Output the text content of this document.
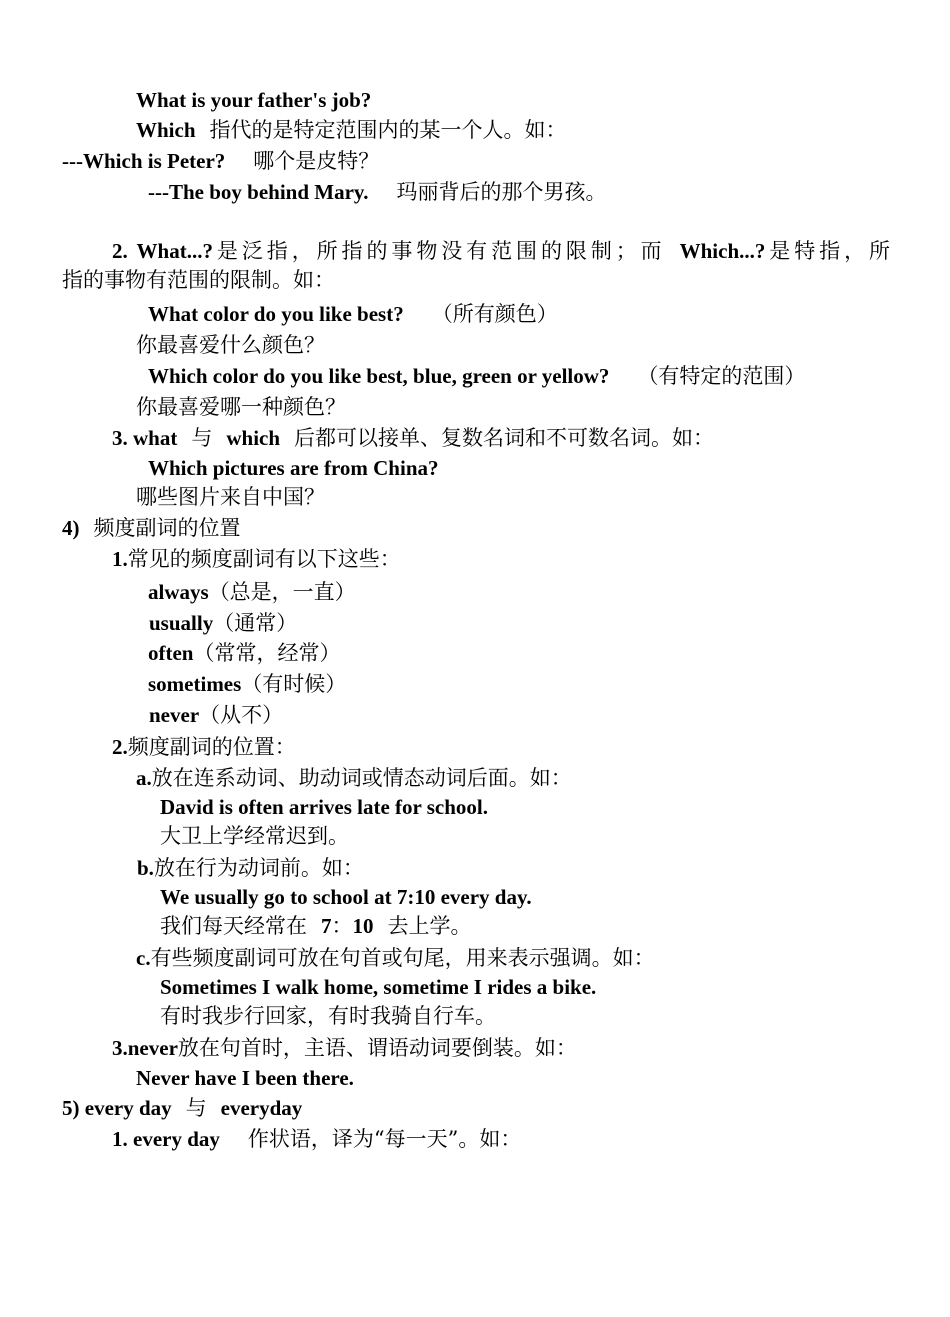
What is your father's job?
Which 指代的是特定范围内的某一个人。如：
---Which is Peter? 哪个是皮特？
---The boy behind Mary. 玛丽背后的那个男孩。
2. What...?是泛指，所指的事物没有范围的限制；而 Which...?是特指，所
指的事物有范围的限制。如：
What color do you like best? （所有颜色）
你最喜爱什么颜色？
Which color do you like best, blue, green or yellow? （有特定的范围）
你最喜爱哪一种颜色？
3. what 与 which 后都可以接单、复数名词和不可数名词。如：
Which pictures are from China?
哪些图片来自中国？
4) 频度副词的位置
1.常见的频度副词有以下这些：
always（总是，一直）
usually（通常）
often（常常，经常）
sometimes（有时候）
never（从不）
2.频度副词的位置：
a.放在连系动词、助动词或情态动词后面。如：
David is often arrives late for school.
大卫上学经常迟到。
b.放在行为动词前。如：
We usually go to school at 7:10 every day.
我们每天经常在 7：10 去上学。
c.有些频度副词可放在句首或句尾，用来表示强调。如：
Sometimes I walk home, sometime I rides a bike.
有时我步行回家，有时我骑自行车。
3.never放在句首时，主语、谓语动词要倒装。如：
Never have I been there.
5) every day 与 everyday
1. every day 作状语，译为“每一天”。如：
